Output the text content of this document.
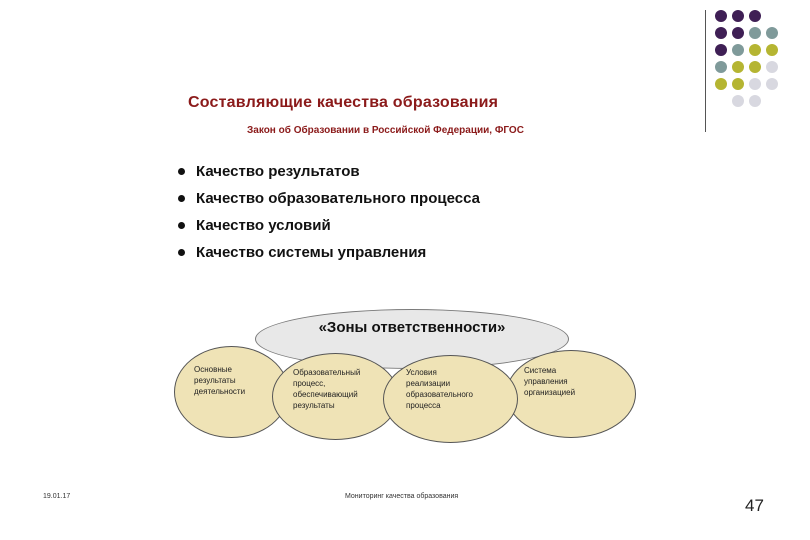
Составляющие качества образования
Закон об Образовании в Российской Федерации, ФГОС
Качество результатов
Качество образовательного процесса
Качество условий
Качество системы управления
«Зоны ответственности»
Основные
результаты
деятельности
Образовательный
процесс,
обеспечивающий
результаты
Условия
реализации
образовательного
процесса
Система
управления
организацией
19.01.17	Мониторинг качества образования	47
